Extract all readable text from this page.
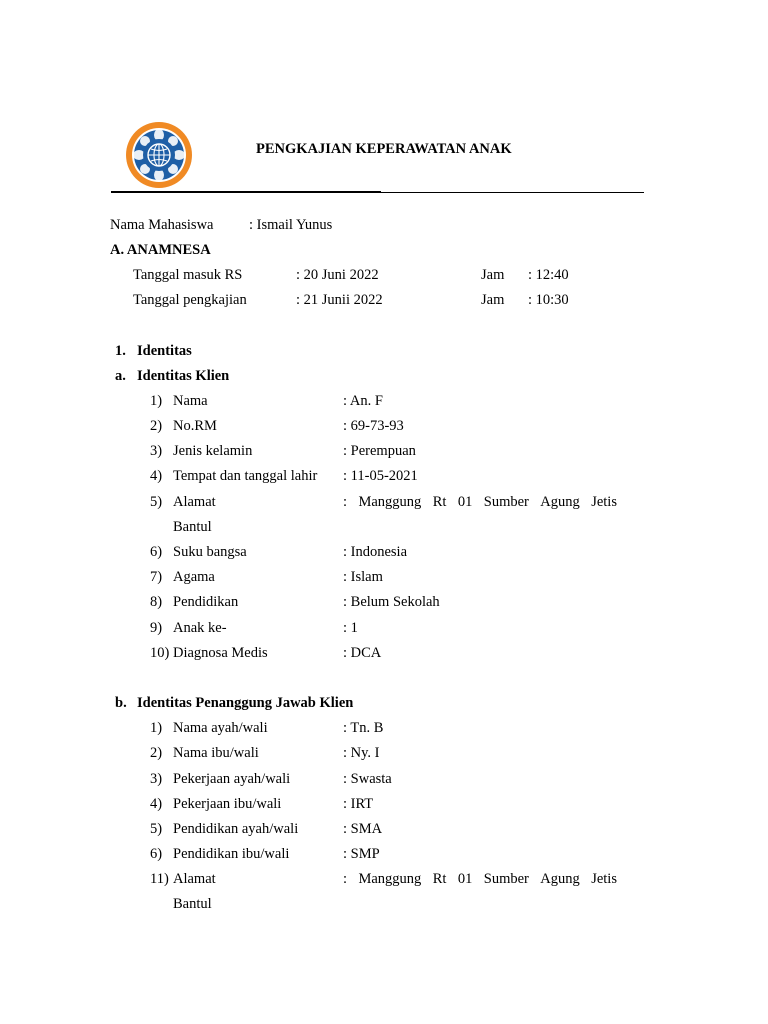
PENGKAJIAN KEPERAWATAN ANAK
Nama Mahasiswa : Ismail Yunus
A. ANAMNESA
Tanggal masuk RS	: 20 Juni 2022	Jam : 12:40
Tanggal pengkajian	: 21 Junii 2022	Jam : 10:30
1. Identitas
a. Identitas Klien
1) Nama	: An. F
2) No.RM	: 69-73-93
3) Jenis kelamin	: Perempuan
4) Tempat dan tanggal lahir : 11-05-2021
5) Alamat	: Manggung Rt 01 Sumber Agung Jetis
Bantul
6) Suku bangsa	: Indonesia
7) Agama	: Islam
8) Pendidikan	: Belum Sekolah
9) Anak ke-	: 1
10) Diagnosa Medis	: DCA
b. Identitas Penanggung Jawab Klien
1) Nama ayah/wali	: Tn. B
2) Nama ibu/wali	: Ny. I
3) Pekerjaan ayah/wali	: Swasta
4) Pekerjaan ibu/wali	: IRT
5) Pendidikan ayah/wali	: SMA
6) Pendidikan ibu/wali	: SMP
11) Alamat	: Manggung Rt 01 Sumber Agung Jetis
Bantul
